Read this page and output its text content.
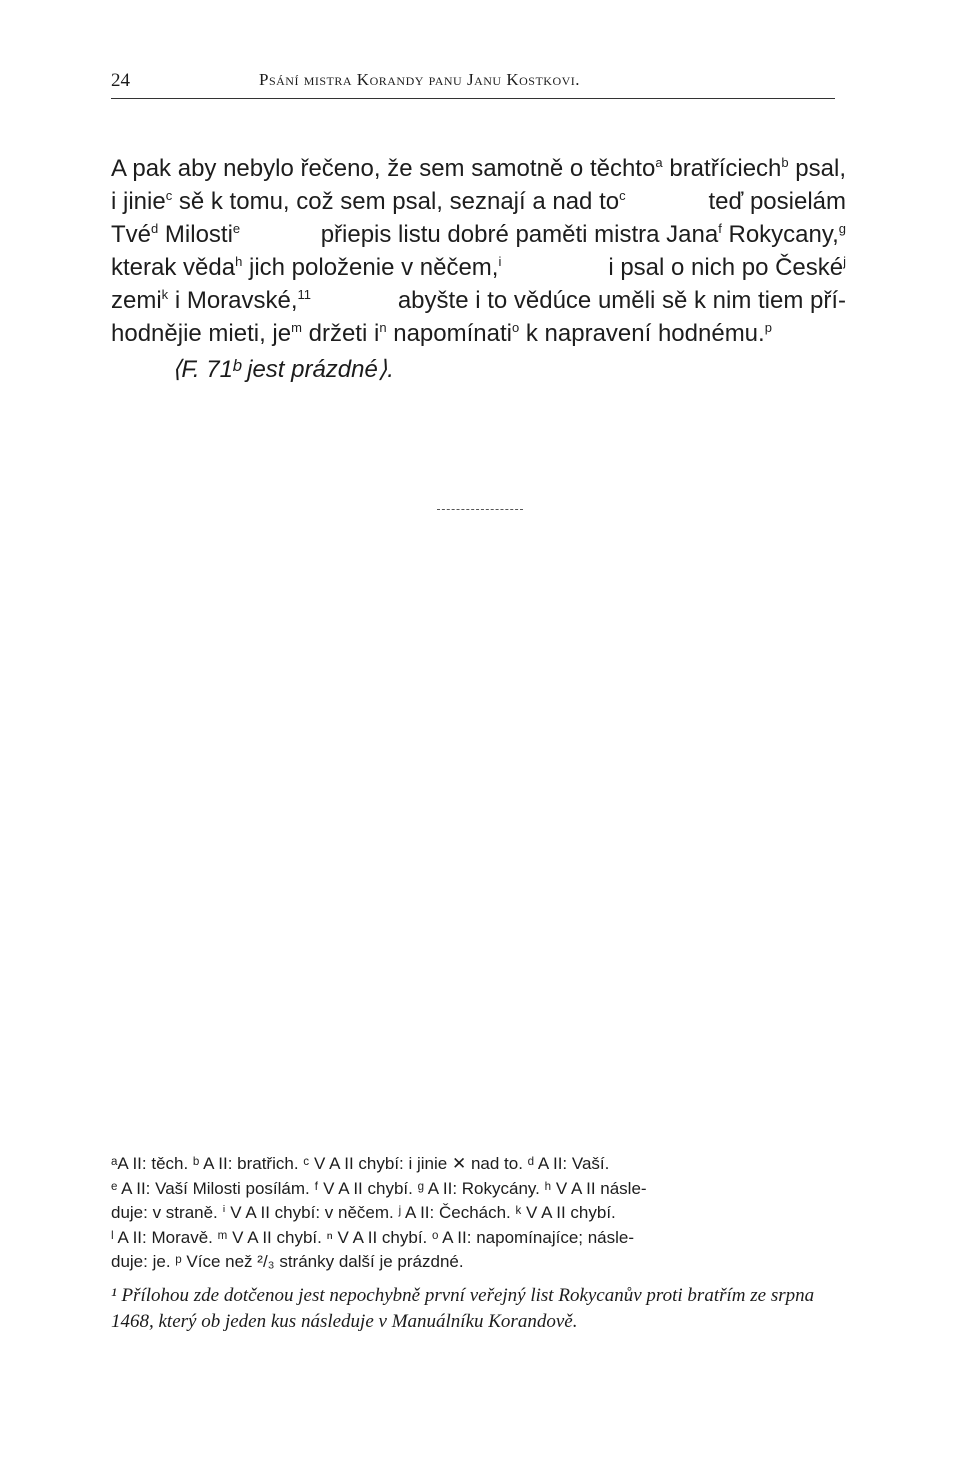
24	Psání mistra Korandy panu Janu Kostkovi.
A pak aby nebylo řečeno, že sem samotně o těchto$^a$ bratříciech$^b$ psal,
i jinie$^c$ sě k tomu, což sem psal, seznají a nad $to^c$	teď posielám
Tvé$^d$ Milosti$^e$	přiepis listu dobré paměti mistra Jana$^f$ Rokycany,$^g$
kterak věda$^h$ jich položenie v něčem,$^i$	i psal o nich po České$^j$
zemi$^k$ i Moravské,$^{11}$	abyšte i to vědúce uměli sě k nim tiem pří-
hodnějie mieti, $je^m$ držeti $i^n$ napomínati$^o$ k napravení hodnému.$^p$
⟨F. 71ᵇ jest prázdné⟩.
ᵃA II: těch. ᵇ A II: bratřich. ᶜ V A II chybí: i jinie ✕ nad to. ᵈ A II: Vaší.
ᵉ A II: Vaší Milosti posílám. ᶠ V A II chybí. ᵍ A II: Rokycány. ʰ V A II násle-
duje: v straně. ⁱ V A II chybí: v něčem. ʲ A II: Čechách. ᵏ V A II chybí.
ˡ A II: Moravě. ᵐ V A II chybí. ⁿ V A II chybí. ᵒ A II: napomínajíce; násle-
duje: je. ᵖ Více než ²/₃ stránky další je prázdné.
¹ Přílohou zde dotčenou jest nepochybně první veřejný list Rokycanův proti bratřím ze srpna 1468, který ob jeden kus následuje v Manuálníku Korandově.
